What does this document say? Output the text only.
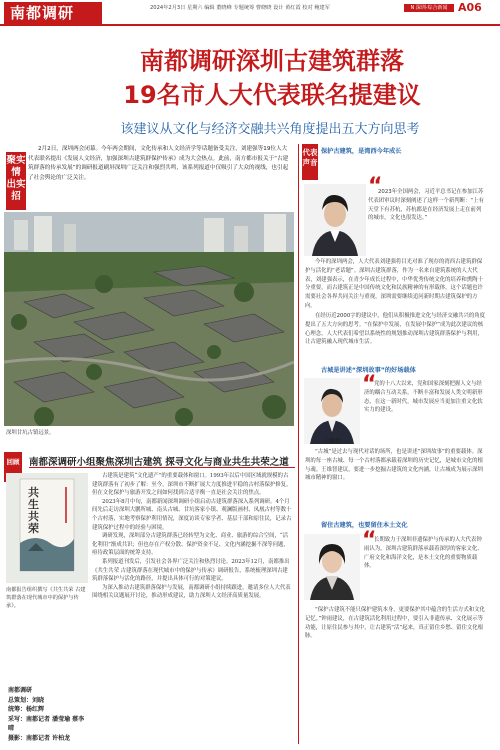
南都调研	2024年2月3日 星期六 编辑 董晓峰 专题统筹 曹晓晓 设计 黄红霞 校对 鲍建军	N 深圳·综合新闻 A06
南都调研深圳古建筑群落
19名市人大代表联名提建议
该建议从文化与经济交融共兴角度提出五大方向思考
聚实情
出实招
2月2日，深圳两会闭幕。今年两会期间，文化传承和人文经济学等话题备受关注，刘建强等19位人大代表联名提出《发展人文经济，加强深圳古建筑群保护传承》成为大会热点。此前，南方都市报关于“古建筑群落的传承发展”的调研报道刷屏深圳广泛关注和强烈共鸣，该系列报道中仅吸引了大众的视线，也引起了社会舆论的广泛关注。
深圳甘坑古镇远景。
回顾 南都深调研小组聚焦深圳古建筑 探寻文化与商业共生共荣之道
共生共荣
南都报告组织撰写《共生共荣 古建筑群落在现代城市中的保护与传承》。

古建筑是建筑“文化遗产”的重要载体和窗口。1993年以后中国区域就规模的古建筑群落有了初步了解：至今，深圳市不断扩展大力度推进平稳的古村落保护修复，但在文化保护与旅游开发之间如何找到合适平衡一直是社会关注的焦点。

2023年8月中旬，南都新闻深圳调研小组启动古建筑群落深入系列调研。4个月间先后走访深圳大鹏所城、南头古城、甘坑客家小镇、观澜版画村、凤凰古村等数十个古村落，实地考察保护利用情况，深度访谈专家学者、基层干部和原住民，记录古建筑保护过程中的经验与困境。

调研发现，深圳部分古建筑群落已经转型为文化、商业、旅游的综合空间，“活化利用”渐成共识；但也存在产权分散、保护资金不足、文化内涵挖掘不深等问题，亟待政策层面的统筹支持。

系列报道刊发后，引发社会各界广泛关注和热烈讨论。2023年12月，南都推出《共生共荣 古建筑群落在现代城市中的保护与传承》调研报告，系统梳理深圳古建筑群落保护与活化的路径，并提出具体可行的对策建议。

为深入推动古建筑群落保护与发展，南都调研小组持续跟进，邀请多位人大代表围绕相关议题展开讨论，推动形成建议，助力深圳人文经济高质量发展。

南都调研
总策划：刘晓
统筹：杨红辉
采写：南都记者 潘莹瑜 蔡李晴
摄影：南都记者 许柏龙
代表声音
保护古建筑，是湾西今年成长
“
2023年全国两会，习近平总书记在参加江苏代表团审议时深刻阐述了这样一个新判断：“上有天堂下有苏杭，苏杭都是在经济发展上走在前列的城市，文化也很发达。”
今年的深圳两会，人大代表刘建强将目光对准了现存的湾西古建筑群保护与活化的“老话题”。深圳古建筑群落，作为一名来自建筑系统的人大代表，刘建强表示，在青少年成长过程中，中华优秀传统文化的培养和熏陶十分重要，而古建筑正是中国传统文化和民族精神的有形载体，这个话题也许需要社会各界共同关注与重视，深圳需要继续追问新时期古建筑保护的方向。
在经历近2000字的建议中，他们从积极推进文化与经济交融共兴的角度提出了五大方向的思考。“在保护中发展，在发展中保护”成为此次建议的核心理念，人大代表们希望以系统性的规划推动深圳古建筑群落保护与利用，让古建筑融入现代城市生活。
古城是讲述“深圳故事”的好场载体
王维智
“
党的十八大以来，党和国家深刻把握人文与经济的耦合互动关系，不断丰富和发展人类文明新形态，在这一新时代，城市发展应当更加注重文化软实力的建设。
“古城”是过去与现代对话的场所，也是讲述“深圳故事”的重要载体。深圳的每一座古城、每一个古村落都承载着深圳的历史记忆，是城市文化的根与魂。王维智建议，要进一步挖掘古建筑的文化内涵，让古城成为展示深圳城市精神的窗口。
留住古建筑，也要留住本土文化
“
长期致力于深圳非遗保护与传承的人大代表钟雨认为，深圳古建筑群落承载着深厚的客家文化、广府文化和海洋文化，是本土文化的重要物质载体。
“保护古建筑不能只保护建筑本身，更要保护其中蕴含的生活方式和文化记忆。”钟雨建议，在古建筑活化利用过程中，要引入非遗传承、文化展示等功能，让原住民参与其中，让古建筑“活”起来，真正留住乡愁、留住文化根脉。
